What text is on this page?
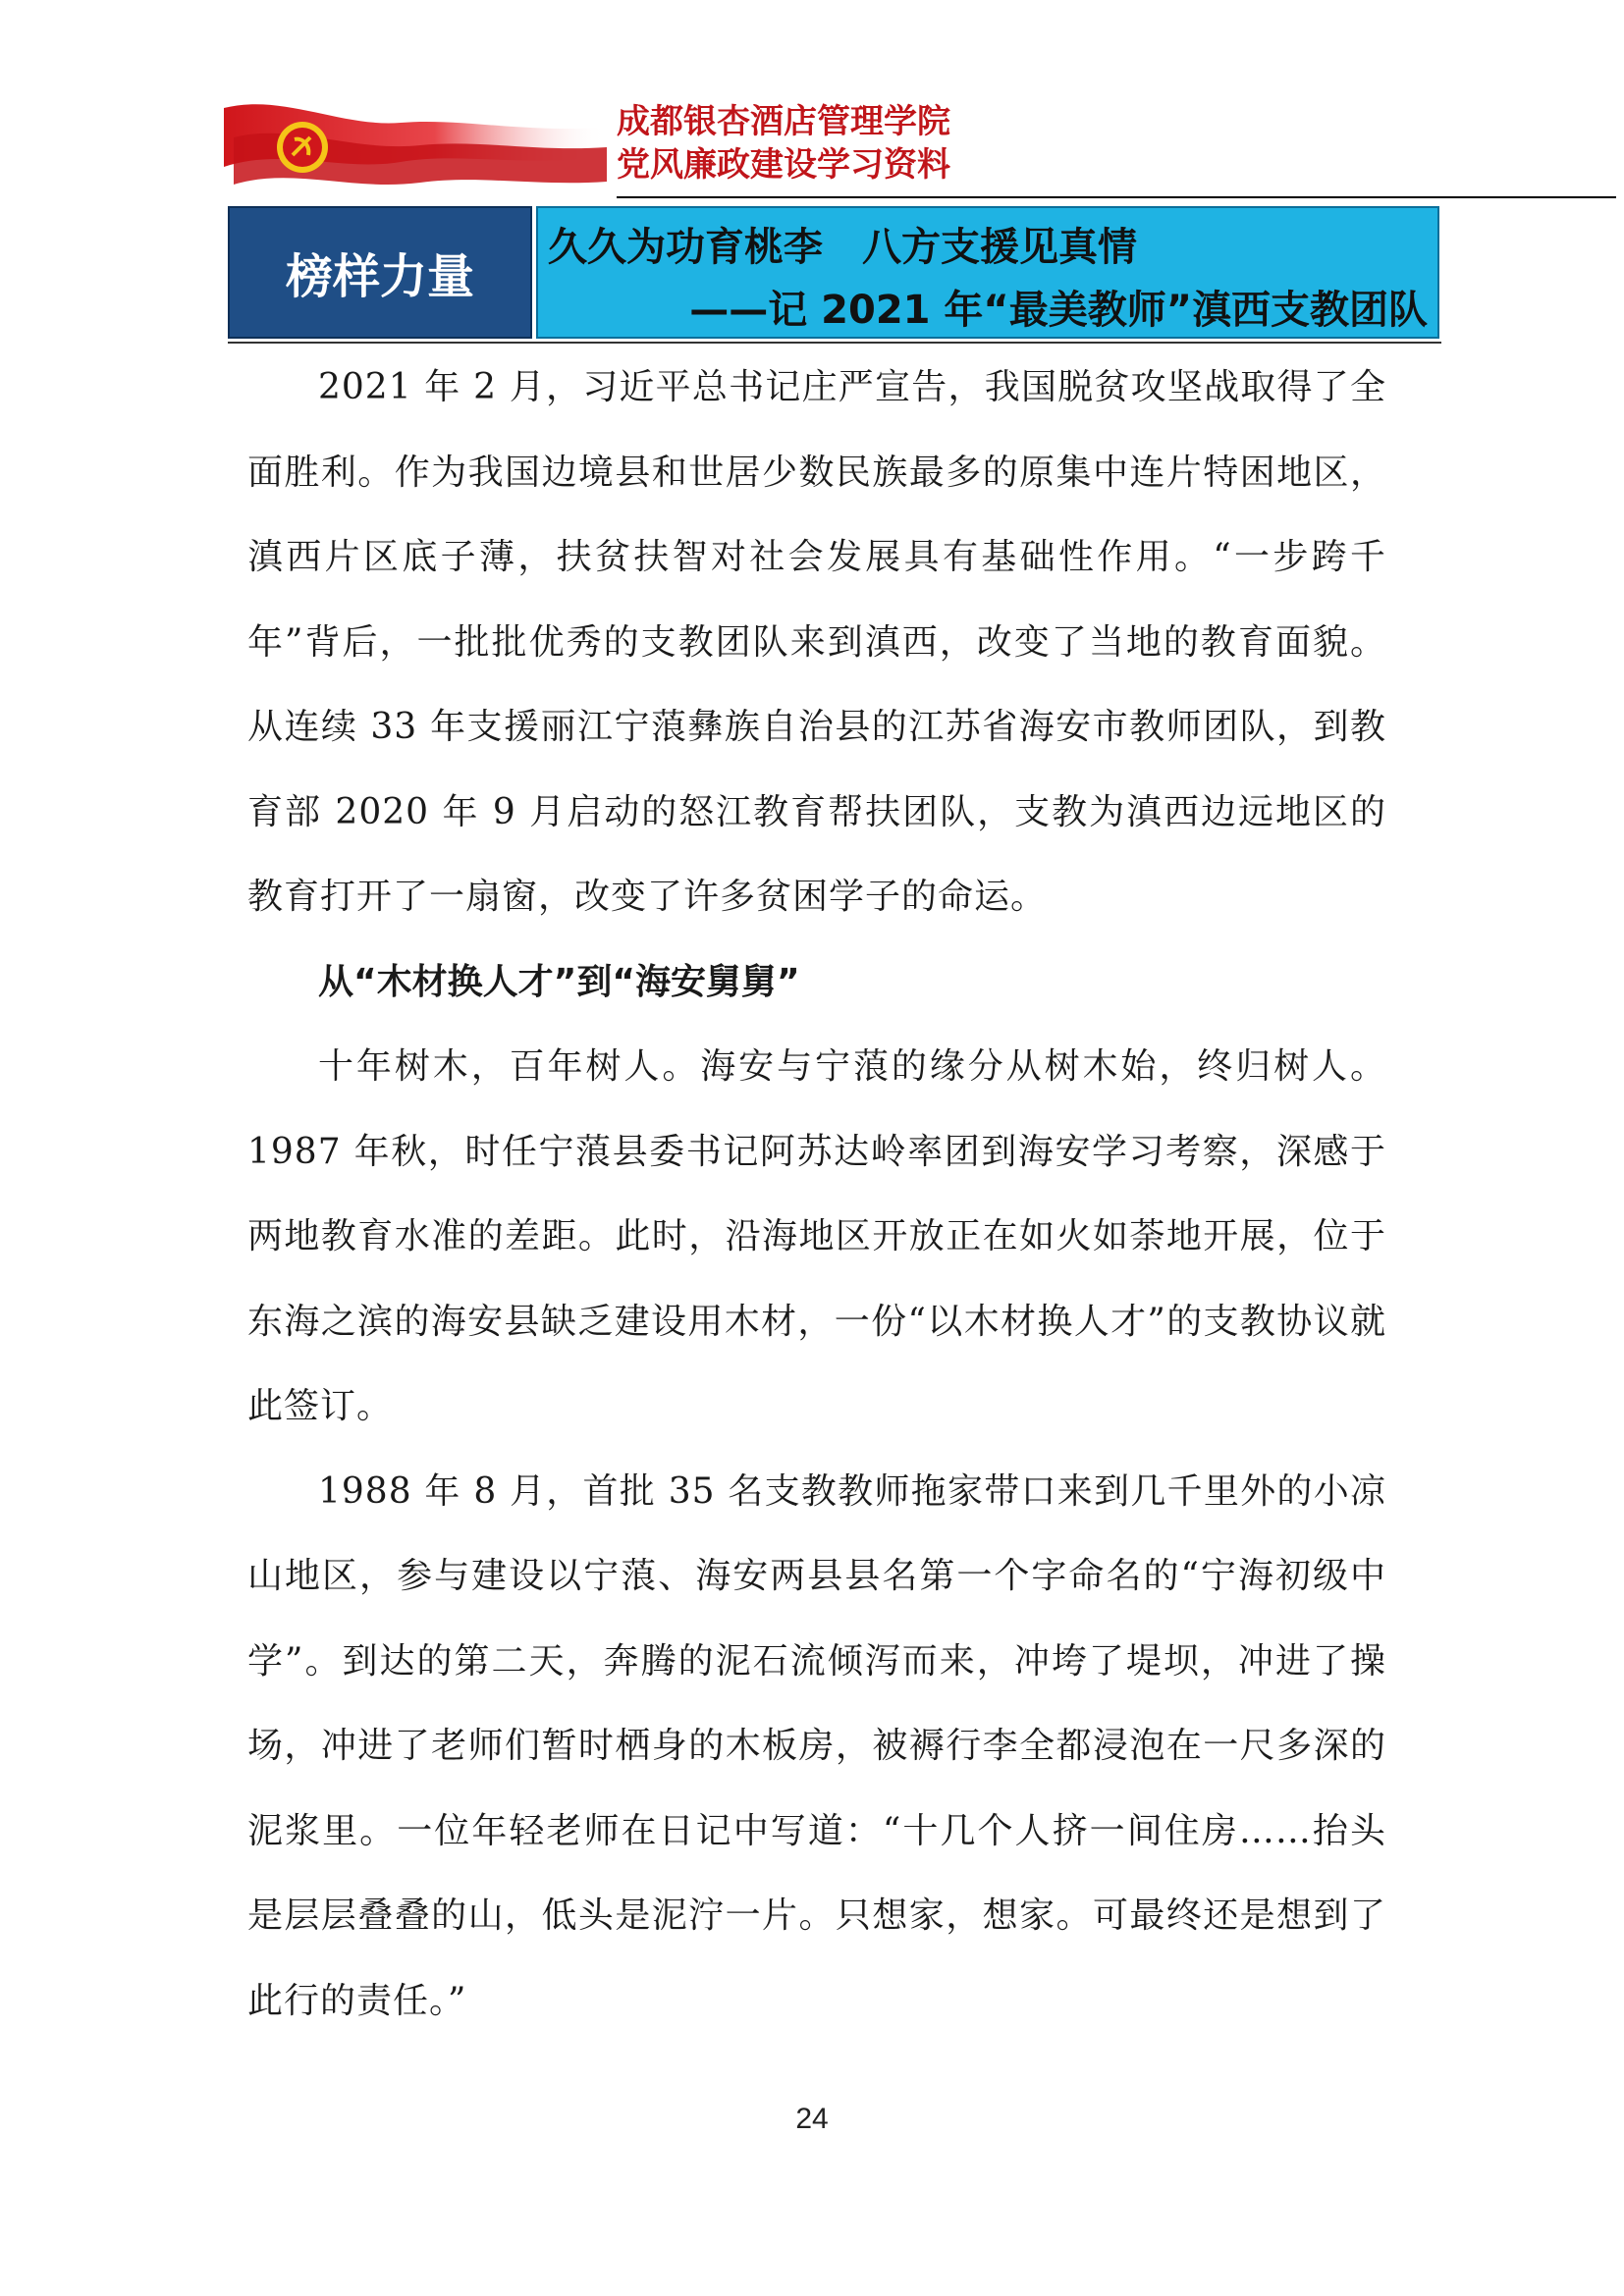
成都银杏酒店管理学院
党风廉政建设学习资料
榜样力量
久久为功育桃李　八方支援见真情
——记 2021 年“最美教师”滇西支教团队

2021 年 2 月，习近平总书记庄严宣告，我国脱贫攻坚战取得了全面胜利。作为我国边境县和世居少数民族最多的原集中连片特困地区，滇西片区底子薄，扶贫扶智对社会发展具有基础性作用。“一步跨千年”背后，一批批优秀的支教团队来到滇西，改变了当地的教育面貌。从连续 33 年支援丽江宁蒗彝族自治县的江苏省海安市教师团队，到教育部 2020 年 9 月启动的怒江教育帮扶团队，支教为滇西边远地区的教育打开了一扇窗，改变了许多贫困学子的命运。

从“木材换人才”到“海安舅舅”

十年树木，百年树人。海安与宁蒗的缘分从树木始，终归树人。1987 年秋，时任宁蒗县委书记阿苏达岭率团到海安学习考察，深感于两地教育水准的差距。此时，沿海地区开放正在如火如荼地开展，位于东海之滨的海安县缺乏建设用木材，一份“以木材换人才”的支教协议就此签订。

1988 年 8 月，首批 35 名支教教师拖家带口来到几千里外的小凉山地区，参与建设以宁蒗、海安两县县名第一个字命名的“宁海初级中学”。到达的第二天，奔腾的泥石流倾泻而来，冲垮了堤坝，冲进了操场，冲进了老师们暂时栖身的木板房，被褥行李全都浸泡在一尺多深的泥浆里。一位年轻老师在日记中写道：“十几个人挤一间住房……抬头是层层叠叠的山，低头是泥泞一片。只想家，想家。可最终还是想到了此行的责任。”

24
